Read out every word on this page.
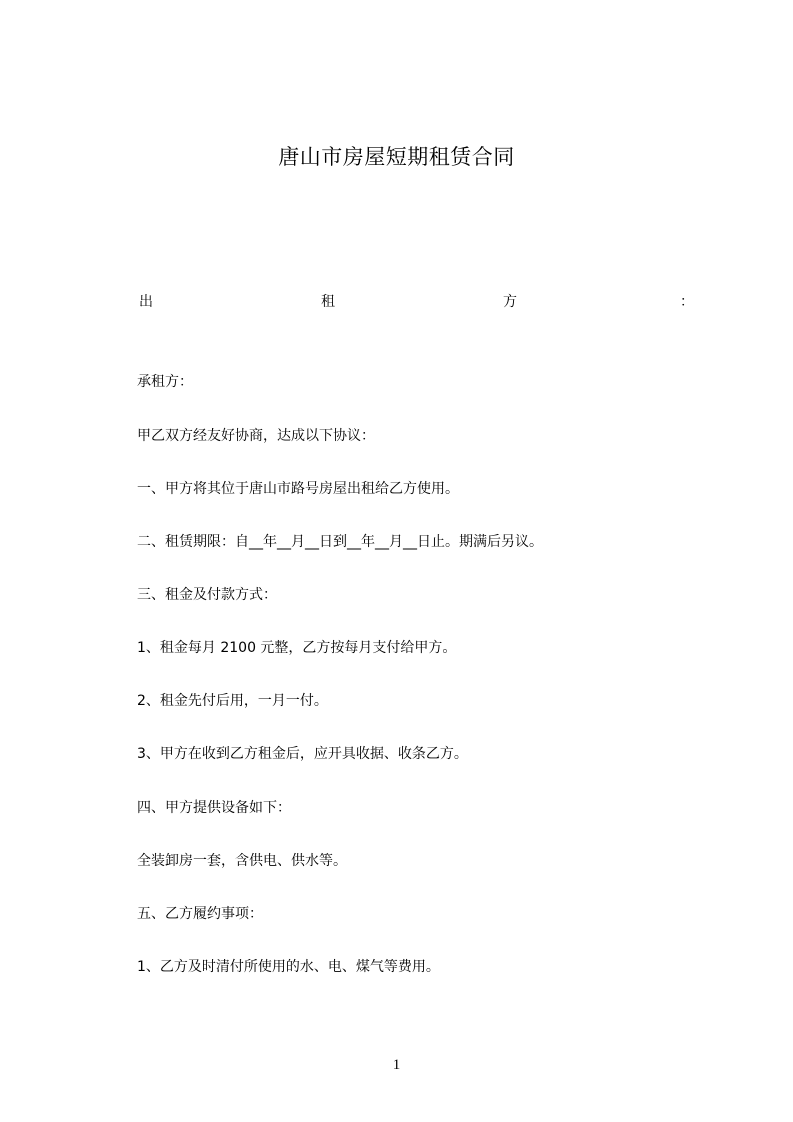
唐山市房屋短期租赁合同
出	租	方	：
承租方：
甲乙双方经友好协商，达成以下协议：
一、甲方将其位于唐山市路号房屋出租给乙方使用。
二、租赁期限：自__年__月__日到__年__月__日止。期满后另议。
三、租金及付款方式：
1、租金每月 2100 元整，乙方按每月支付给甲方。
2、租金先付后用，一月一付。
3、甲方在收到乙方租金后，应开具收据、收条乙方。
四、甲方提供设备如下：
全装卸房一套，含供电、供水等。
五、乙方履约事项：
1、乙方及时清付所使用的水、电、煤气等费用。
1
